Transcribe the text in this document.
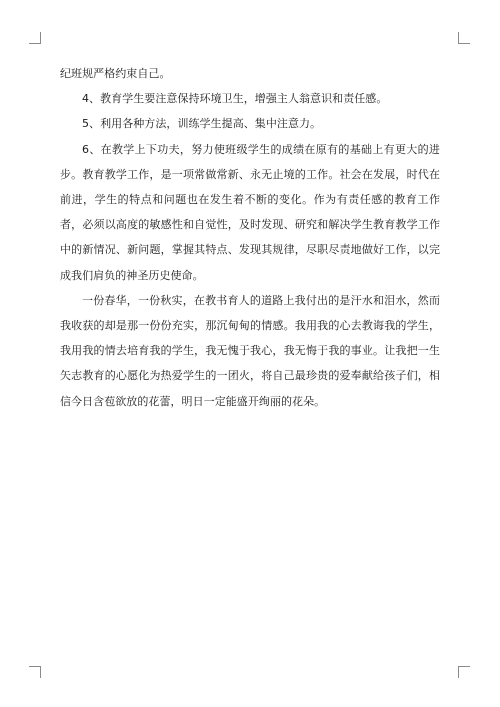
纪班规严格约束自己。

4、教育学生要注意保持环境卫生，增强主人翁意识和责任感。

5、利用各种方法，训练学生提高、集中注意力。

6、在教学上下功夫，努力使班级学生的成绩在原有的基础上有更大的进步。教育教学工作，是一项常做常新、永无止境的工作。社会在发展，时代在前进，学生的特点和问题也在发生着不断的变化。作为有责任感的教育工作者，必须以高度的敏感性和自觉性，及时发现、研究和解决学生教育教学工作中的新情况、新问题，掌握其特点、发现其规律，尽职尽责地做好工作，以完成我们肩负的神圣历史使命。

一份春华，一份秋实，在教书育人的道路上我付出的是汗水和泪水，然而我收获的却是那一份份充实，那沉甸甸的情感。我用我的心去教诲我的学生，我用我的情去培育我的学生，我无愧于我心，我无悔于我的事业。让我把一生矢志教育的心愿化为热爱学生的一团火，将自己最珍贵的爱奉献给孩子们，相信今日含苞欲放的花蕾，明日一定能盛开绚丽的花朵。
